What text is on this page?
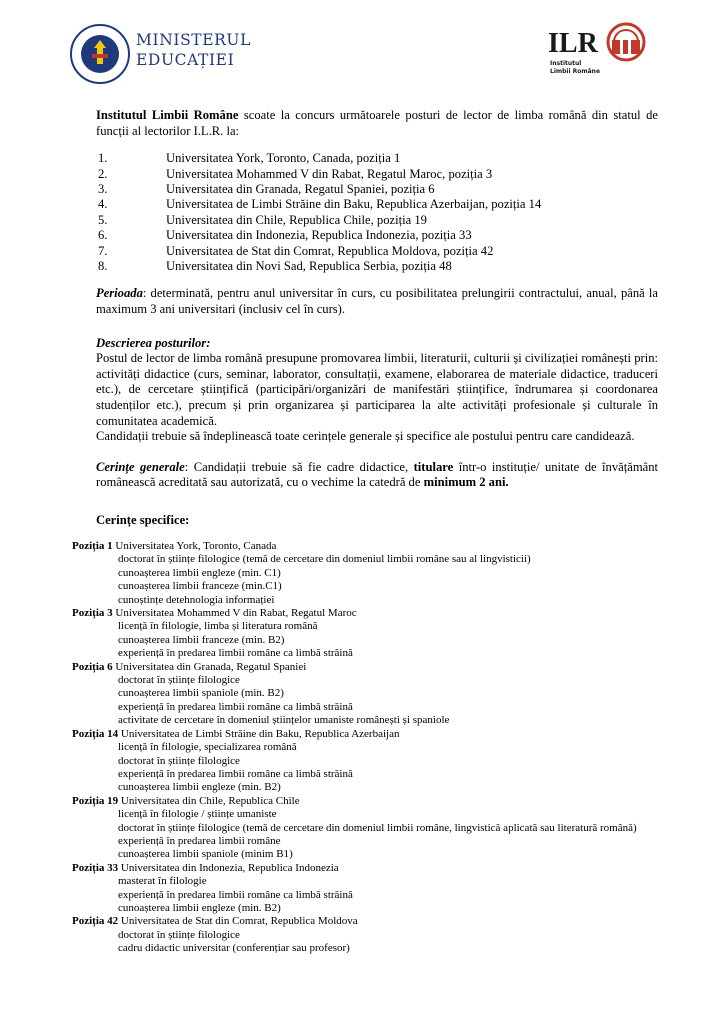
MINISTERUL
EDUCAȚIEI
ILR
Institutul
Limbii Române

Institutul Limbii Române scoate la concurs următoarele posturi de lector de limba română din statul de funcții al lectorilor I.L.R. la:

1.	Universitatea York, Toronto, Canada, poziția 1
2.	Universitatea Mohammed V din Rabat, Regatul Maroc, poziția 3
3.	Universitatea din Granada, Regatul Spaniei, poziția 6
4.	Universitatea de Limbi Străine din Baku, Republica Azerbaijan, poziția 14
5.	Universitatea din Chile, Republica Chile, poziția 19
6.	Universitatea din Indonezia, Republica Indonezia, poziția 33
7.	Universitatea de Stat din Comrat, Republica Moldova, poziția 42
8.	Universitatea din Novi Sad, Republica Serbia, poziția 48

Perioada: determinată, pentru anul universitar în curs, cu posibilitatea prelungirii contractului, anual, până la maximum 3 ani universitari (inclusiv cel în curs).

Descrierea posturilor:
Postul de lector de limba română presupune promovarea limbii, literaturii, culturii și civilizației românești prin: activități didactice (curs, seminar, laborator, consultații, examene, elaborarea de materiale didactice, traduceri etc.), de cercetare științifică (participări/organizări de manifestări științifice, îndrumarea și coordonarea studenților etc.), precum și prin organizarea și participarea la alte activități profesionale și culturale în comunitatea academică.
Candidații trebuie să îndeplinească toate cerințele generale și specifice ale postului pentru care candidează.

Cerințe generale: Candidații trebuie să fie cadre didactice, titulare într-o instituție/ unitate de învățământ românească acreditată sau autorizată, cu o vechime la catedră de minimum 2 ani.

Cerințe specifice:
Poziția 1 Universitatea York, Toronto, Canada
doctorat în științe filologice (temă de cercetare din domeniul limbii române sau al lingvisticii)
cunoașterea limbii engleze (min. C1)
cunoașterea limbii franceze (min.C1)
cunoștințe detehnologia informației
Poziția 3 Universitatea Mohammed V din Rabat, Regatul Maroc
licență în filologie, limba și literatura română
cunoașterea limbii franceze (min. B2)
experiență în predarea limbii române ca limbă străină
Poziția 6 Universitatea din Granada, Regatul Spaniei
doctorat în științe filologice
cunoașterea limbii spaniole (min. B2)
experiență în predarea limbii române ca limbă străină
activitate de cercetare în domeniul științelor umaniste românești și spaniole
Poziția 14 Universitatea de Limbi Străine din Baku, Republica Azerbaijan
licență în filologie, specializarea română
doctorat în științe filologice
experiență în predarea limbii române ca limbă străină
cunoașterea limbii engleze (min. B2)
Poziția 19 Universitatea din Chile, Republica Chile
licență în filologie / științe umaniste
doctorat în științe filologice (temă de cercetare din domeniul limbii române, lingvistică aplicată sau literatură română)
experiență în predarea limbii române
cunoașterea limbii spaniole (minim B1)
Poziția 33 Universitatea din Indonezia, Republica Indonezia
masterat în filologie
experiență în predarea limbii române ca limbă străină
cunoașterea limbii engleze (min. B2)
Poziția 42 Universitatea de Stat din Comrat, Republica Moldova
doctorat în științe filologice
cadru didactic universitar (conferențiar sau profesor)
